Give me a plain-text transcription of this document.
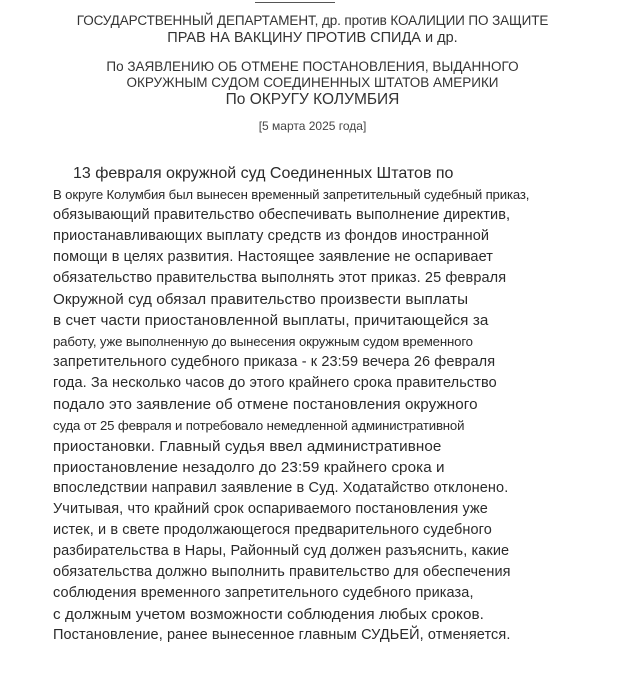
ГОСУДАРСТВЕННЫЙ ДЕПАРТАМЕНТ, др. против КОАЛИЦИИ ПО ЗАЩИТЕ
ПРАВ НА ВАКЦИНУ ПРОТИВ СПИДА и др.
По ЗАЯВЛЕНИЮ ОБ ОТМЕНЕ ПОСТАНОВЛЕНИЯ, ВЫДАННОГО
ОКРУЖНЫМ СУДОМ СОЕДИНЕННЫХ ШТАТОВ АМЕРИКИ
По ОКРУГУ КОЛУМБИЯ
[5 марта 2025 года]
13 февраля окружной суд Соединенных Штатов по
В округе Колумбия был вынесен временный запретительный судебный приказ,
обязывающий правительство обеспечивать выполнение директив,
приостанавливающих выплату средств из фондов иностранной
помощи в целях развития. Настоящее заявление не оспаривает
обязательство правительства выполнять этот приказ. 25 февраля
Окружной суд обязал правительство произвести выплаты
в счет части приостановленной выплаты, причитающейся за
работу, уже выполненную до вынесения окружным судом временного
запретительного судебного приказа - к 23:59 вечера 26 февраля
года. За несколько часов до этого крайнего срока правительство
подало это заявление об отмене постановления окружного
суда от 25 февраля и потребовало немедленной административной
приостановки. Главный судья ввел административное
приостановление незадолго до 23:59 крайнего срока и
впоследствии направил заявление в Суд. Ходатайство отклонено.
Учитывая, что крайний срок оспариваемого постановления уже
истек, и в свете продолжающегося предварительного судебного
разбирательства в Нары, Районный суд должен разъяснить, какие
обязательства должно выполнить правительство для обеспечения
соблюдения временного запретительного судебного приказа,
с должным учетом возможности соблюдения любых сроков.
Постановление, ранее вынесенное главным СУДЬЕЙ, отменяется.
